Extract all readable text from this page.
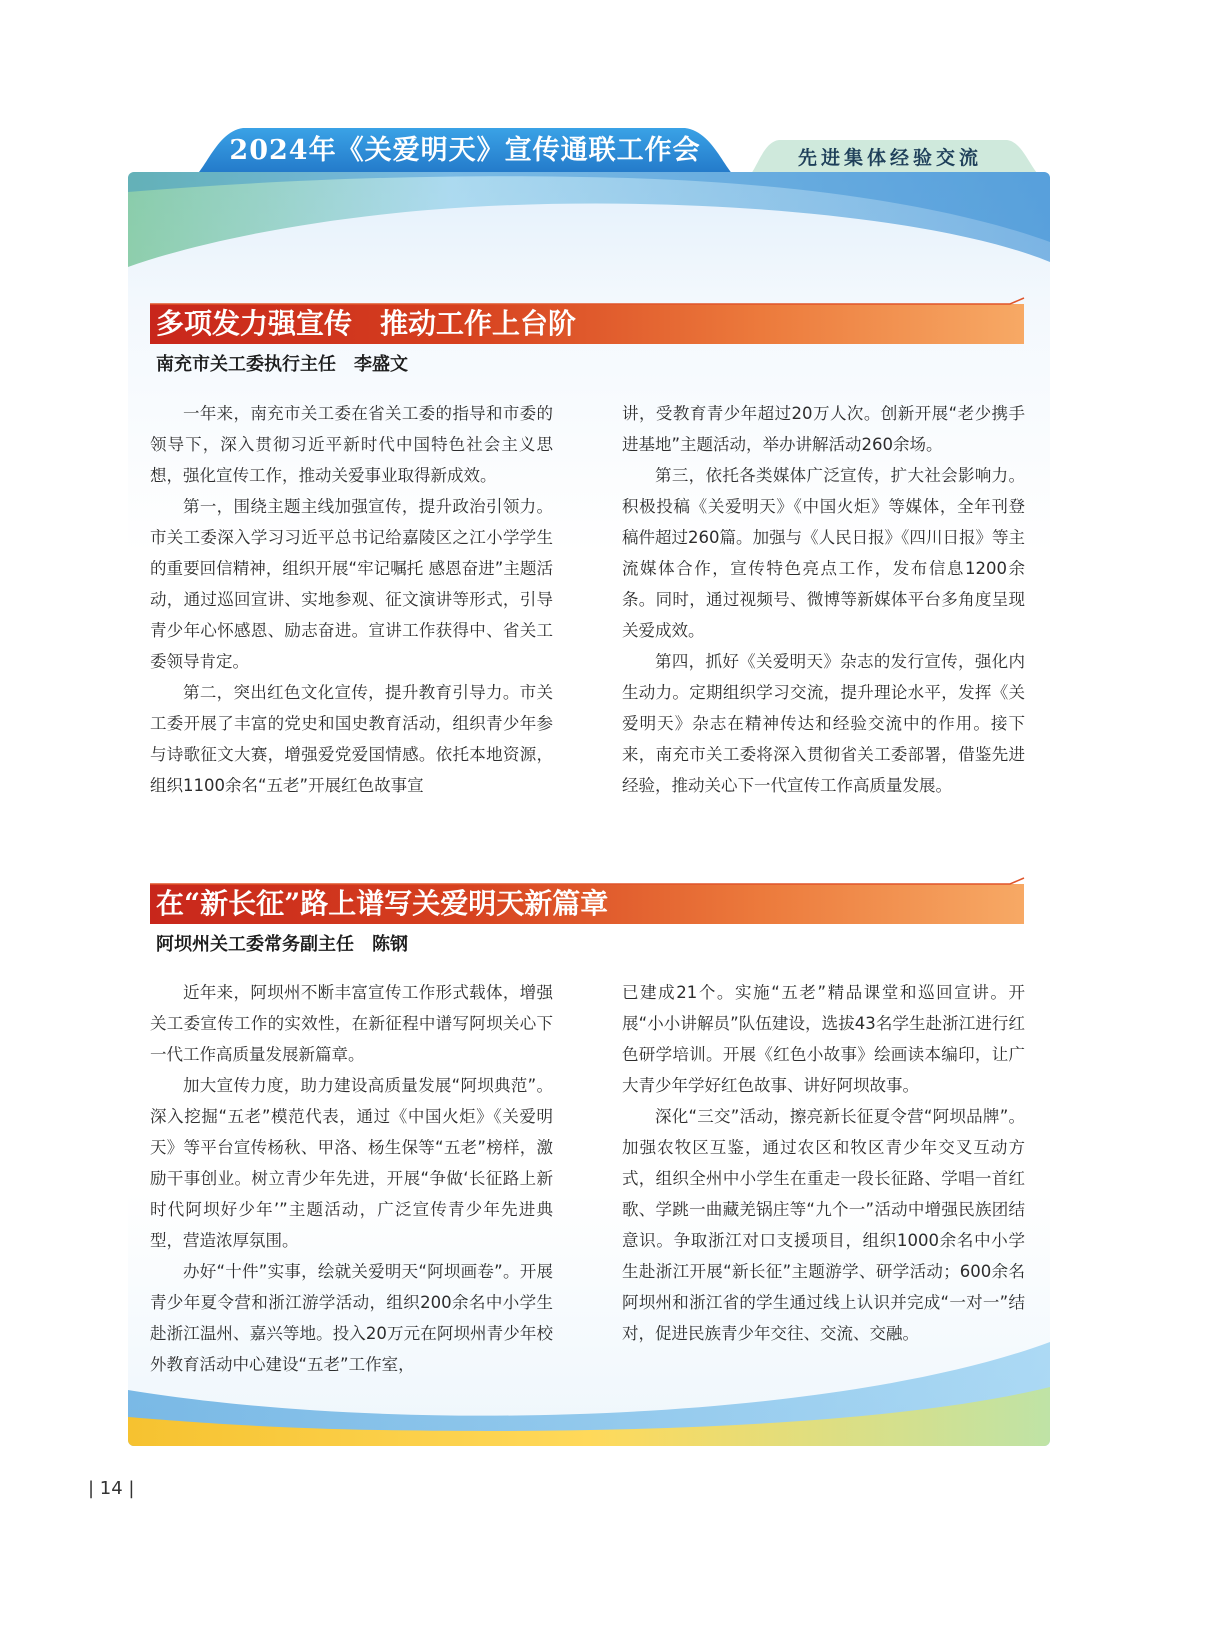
2024年《关爱明天》宣传通联工作会	先进集体经验交流
多项发力强宣传　推动工作上台阶
南充市关工委执行主任　李盛文

一年来，南充市关工委在省关工委的指导和市委的领导下，深入贯彻习近平新时代中国特色社会主义思想，强化宣传工作，推动关爱事业取得新成效。

第一，围绕主题主线加强宣传，提升政治引领力。市关工委深入学习习近平总书记给嘉陵区之江小学学生的重要回信精神，组织开展“牢记嘱托 感恩奋进”主题活动，通过巡回宣讲、实地参观、征文演讲等形式，引导青少年心怀感恩、励志奋进。宣讲工作获得中、省关工委领导肯定。

第二，突出红色文化宣传，提升教育引导力。市关工委开展了丰富的党史和国史教育活动，组织青少年参与诗歌征文大赛，增强爱党爱国情感。依托本地资源，组织1100余名“五老”开展红色故事宣

讲，受教育青少年超过20万人次。创新开展“老少携手进基地”主题活动，举办讲解活动260余场。

第三，依托各类媒体广泛宣传，扩大社会影响力。积极投稿《关爱明天》《中国火炬》等媒体，全年刊登稿件超过260篇。加强与《人民日报》《四川日报》等主流媒体合作，宣传特色亮点工作，发布信息1200余条。同时，通过视频号、微博等新媒体平台多角度呈现关爱成效。

第四，抓好《关爱明天》杂志的发行宣传，强化内生动力。定期组织学习交流，提升理论水平，发挥《关爱明天》杂志在精神传达和经验交流中的作用。接下来，南充市关工委将深入贯彻省关工委部署，借鉴先进经验，推动关心下一代宣传工作高质量发展。

在“新长征”路上谱写关爱明天新篇章
阿坝州关工委常务副主任　陈钢

近年来，阿坝州不断丰富宣传工作形式载体，增强关工委宣传工作的实效性，在新征程中谱写阿坝关心下一代工作高质量发展新篇章。

加大宣传力度，助力建设高质量发展“阿坝典范”。深入挖掘“五老”模范代表，通过《中国火炬》《关爱明天》等平台宣传杨秋、甲洛、杨生保等“五老”榜样，激励干事创业。树立青少年先进，开展“争做‘长征路上新时代阿坝好少年’”主题活动，广泛宣传青少年先进典型，营造浓厚氛围。

办好“十件”实事，绘就关爱明天“阿坝画卷”。开展青少年夏令营和浙江游学活动，组织200余名中小学生赴浙江温州、嘉兴等地。投入20万元在阿坝州青少年校外教育活动中心建设“五老”工作室，

已建成21个。实施“五老”精品课堂和巡回宣讲。开展“小小讲解员”队伍建设，选拔43名学生赴浙江进行红色研学培训。开展《红色小故事》绘画读本编印，让广大青少年学好红色故事、讲好阿坝故事。

深化“三交”活动，擦亮新长征夏令营“阿坝品牌”。加强农牧区互鉴，通过农区和牧区青少年交叉互动方式，组织全州中小学生在重走一段长征路、学唱一首红歌、学跳一曲藏羌锅庄等“九个一”活动中增强民族团结意识。争取浙江对口支援项目，组织1000余名中小学生赴浙江开展“新长征”主题游学、研学活动；600余名阿坝州和浙江省的学生通过线上认识并完成“一对一”结对，促进民族青少年交往、交流、交融。

| 14 |
